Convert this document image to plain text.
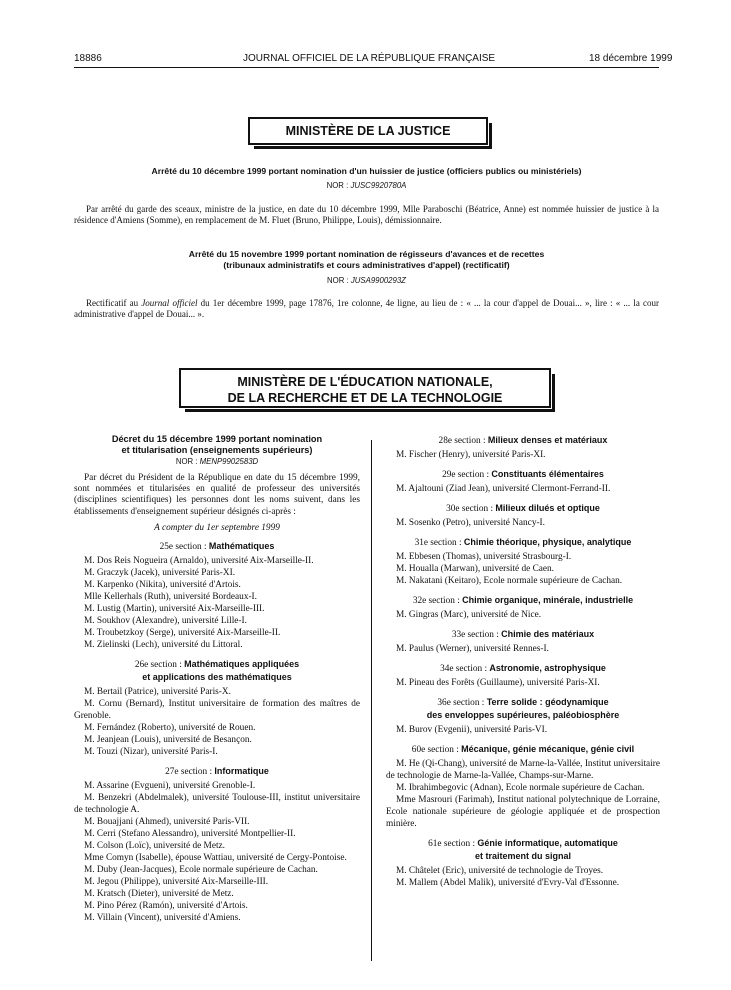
18886	JOURNAL OFFICIEL DE LA RÉPUBLIQUE FRANÇAISE	18 décembre 1999
MINISTÈRE DE LA JUSTICE
Arrêté du 10 décembre 1999 portant nomination d'un huissier de justice (officiers publics ou ministériels)
NOR : JUSC9920780A
Par arrêté du garde des sceaux, ministre de la justice, en date du 10 décembre 1999, Mlle Paraboschi (Béatrice, Anne) est nommée huissier de justice à la résidence d'Amiens (Somme), en remplacement de M. Fluet (Bruno, Philippe, Louis), démissionnaire.
Arrêté du 15 novembre 1999 portant nomination de régisseurs d'avances et de recettes
(tribunaux administratifs et cours administratives d'appel) (rectificatif)
NOR : JUSA9900293Z
Rectificatif au Journal officiel du 1er décembre 1999, page 17876, 1re colonne, 4e ligne, au lieu de : « ... la cour d'appel de Douai... », lire : « ... la cour administrative d'appel de Douai... ».
MINISTÈRE DE L'ÉDUCATION NATIONALE,
DE LA RECHERCHE ET DE LA TECHNOLOGIE
Décret du 15 décembre 1999 portant nomination
et titularisation (enseignements supérieurs)
NOR : MENP9902583D
Par décret du Président de la République en date du 15 décembre 1999, sont nommées et titularisées en qualité de professeur des universités (disciplines scientifiques) les personnes dont les noms suivent, dans les établissements d'enseignement supérieur désignés ci-après :
A compter du 1er septembre 1999
25e section : Mathématiques
M. Dos Reis Nogueira (Arnaldo), université Aix-Marseille-II.
M. Graczyk (Jacek), université Paris-XI.
M. Karpenko (Nikita), université d'Artois.
Mlle Kellerhals (Ruth), université Bordeaux-I.
M. Lustig (Martin), université Aix-Marseille-III.
M. Soukhov (Alexandre), université Lille-I.
M. Troubetzkoy (Serge), université Aix-Marseille-II.
M. Zielinski (Lech), université du Littoral.
26e section : Mathématiques appliquées
et applications des mathématiques
M. Bertail (Patrice), université Paris-X.
M. Cornu (Bernard), Institut universitaire de formation des maîtres de Grenoble.
M. Fernández (Roberto), université de Rouen.
M. Jeanjean (Louis), université de Besançon.
M. Touzi (Nizar), université Paris-I.
27e section : Informatique
M. Assarine (Evgueni), université Grenoble-I.
M. Benzekri (Abdelmalek), université Toulouse-III, institut universitaire de technologie A.
M. Bouajjani (Ahmed), université Paris-VII.
M. Cerri (Stefano Alessandro), université Montpellier-II.
M. Colson (Loïc), université de Metz.
Mme Comyn (Isabelle), épouse Wattiau, université de Cergy-Pontoise.
M. Duby (Jean-Jacques), Ecole normale supérieure de Cachan.
M. Jegou (Philippe), université Aix-Marseille-III.
M. Kratsch (Dieter), université de Metz.
M. Pino Pérez (Ramón), université d'Artois.
M. Villain (Vincent), université d'Amiens.
28e section : Milieux denses et matériaux
M. Fischer (Henry), université Paris-XI.
29e section : Constituants élémentaires
M. Ajaltouni (Ziad Jean), université Clermont-Ferrand-II.
30e section : Milieux dilués et optique
M. Sosenko (Petro), université Nancy-I.
31e section : Chimie théorique, physique, analytique
M. Ebbesen (Thomas), université Strasbourg-I.
M. Houalla (Marwan), université de Caen.
M. Nakatani (Keitaro), Ecole normale supérieure de Cachan.
32e section : Chimie organique, minérale, industrielle
M. Gingras (Marc), université de Nice.
33e section : Chimie des matériaux
M. Paulus (Werner), université Rennes-I.
34e section : Astronomie, astrophysique
M. Pineau des Forêts (Guillaume), université Paris-XI.
36e section : Terre solide : géodynamique
des enveloppes supérieures, paléobiosphère
M. Burov (Evgenii), université Paris-VI.
60e section : Mécanique, génie mécanique, génie civil
M. He (Qi-Chang), université de Marne-la-Vallée, Institut universitaire de technologie de Marne-la-Vallée, Champs-sur-Marne.
M. Ibrahimbegovic (Adnan), Ecole normale supérieure de Cachan.
Mme Masrouri (Farimah), Institut national polytechnique de Lorraine, Ecole nationale supérieure de géologie appliquée et de prospection minière.
61e section : Génie informatique, automatique
et traitement du signal
M. Châtelet (Eric), université de technologie de Troyes.
M. Mallem (Abdel Malik), université d'Evry-Val d'Essonne.
